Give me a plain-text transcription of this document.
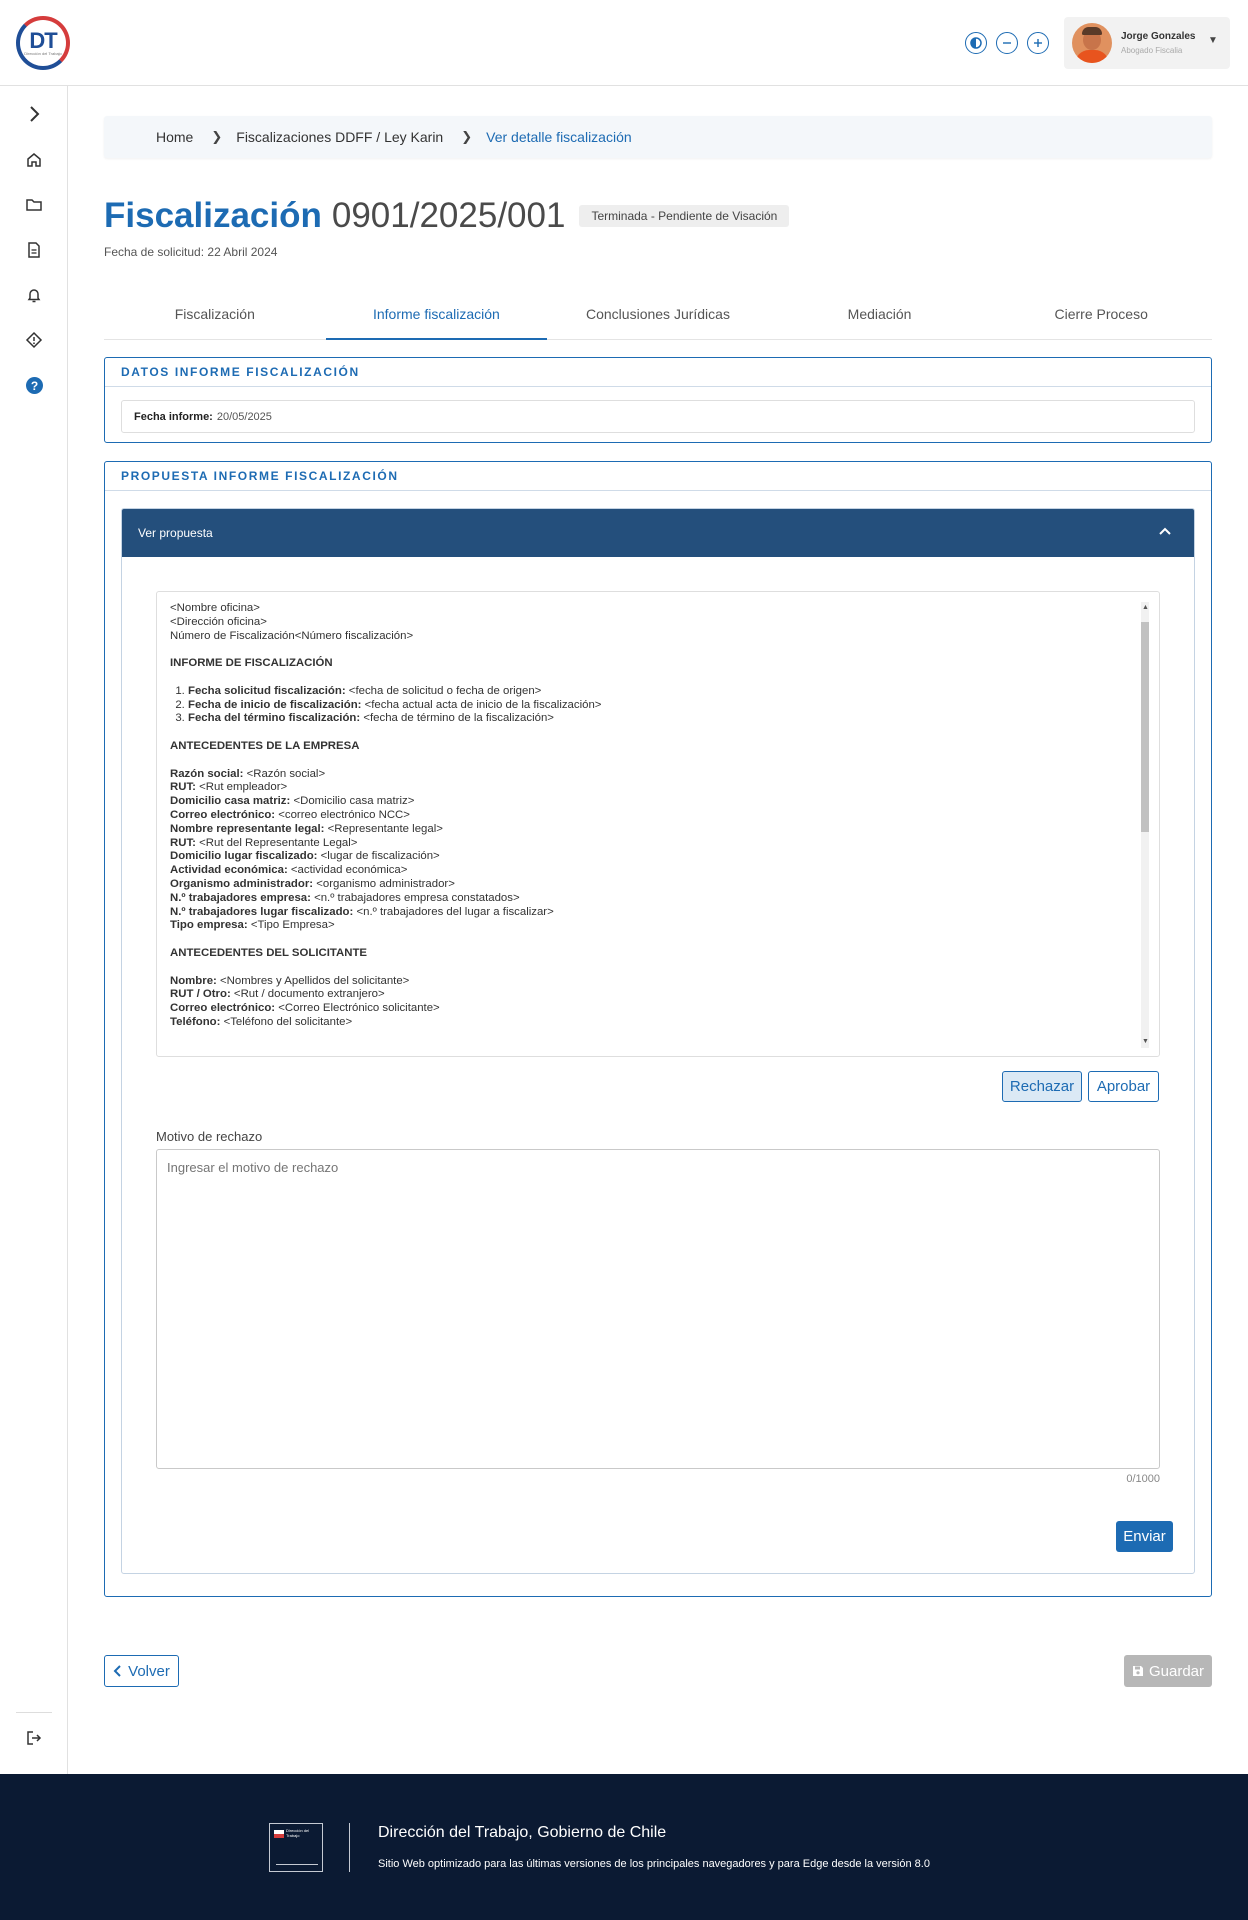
DT
Dirección del Trabajo
Jorge Gonzales
Abogado Fiscalia
▼
?
Home ❯ Fiscalizaciones DDFF / Ley Karin ❯ Ver detalle fiscalización
Fiscalización 0901/2025/001	Terminada - Pendiente de Visación
Fecha de solicitud: 22 Abril 2024
Fiscalización	Informe fiscalización	Conclusiones Jurídicas	Mediación	Cierre Proceso
DATOS INFORME FISCALIZACIÓN
Fecha informe: 20/05/2025
PROPUESTA INFORME FISCALIZACIÓN
Ver propuesta
<Nombre oficina>
<Dirección oficina>
Número de Fiscalización<Número fiscalización>
INFORME DE FISCALIZACIÓN
1. Fecha solicitud fiscalización: <fecha de solicitud o fecha de origen>
2. Fecha de inicio de fiscalización: <fecha actual acta de inicio de la fiscalización>
3. Fecha del término fiscalización: <fecha de término de la fiscalización>
ANTECEDENTES DE LA EMPRESA
Razón social: <Razón social>
RUT: <Rut empleador>
Domicilio casa matriz: <Domicilio casa matriz>
Correo electrónico: <correo electrónico NCC>
Nombre representante legal: <Representante legal>
RUT: <Rut del Representante Legal>
Domicilio lugar fiscalizado: <lugar de fiscalización>
Actividad económica: <actividad económica>
Organismo administrador: <organismo administrador>
N.º trabajadores empresa: <n.º trabajadores empresa constatados>
N.º trabajadores lugar fiscalizado: <n.º trabajadores del lugar a fiscalizar>
Tipo empresa: <Tipo Empresa>
ANTECEDENTES DEL SOLICITANTE
Nombre: <Nombres y Apellidos del solicitante>
RUT / Otro: <Rut / documento extranjero>
Correo electrónico: <Correo Electrónico solicitante>
Teléfono: <Teléfono del solicitante>
▲
▼
Rechazar	Aprobar
Motivo de rechazo
Ingresar el motivo de rechazo
0/1000
Enviar
Volver	Guardar
Dirección del Trabajo	Dirección del Trabajo, Gobierno de Chile
Sitio Web optimizado para las últimas versiones de los principales navegadores y para Edge desde la versión 8.0
